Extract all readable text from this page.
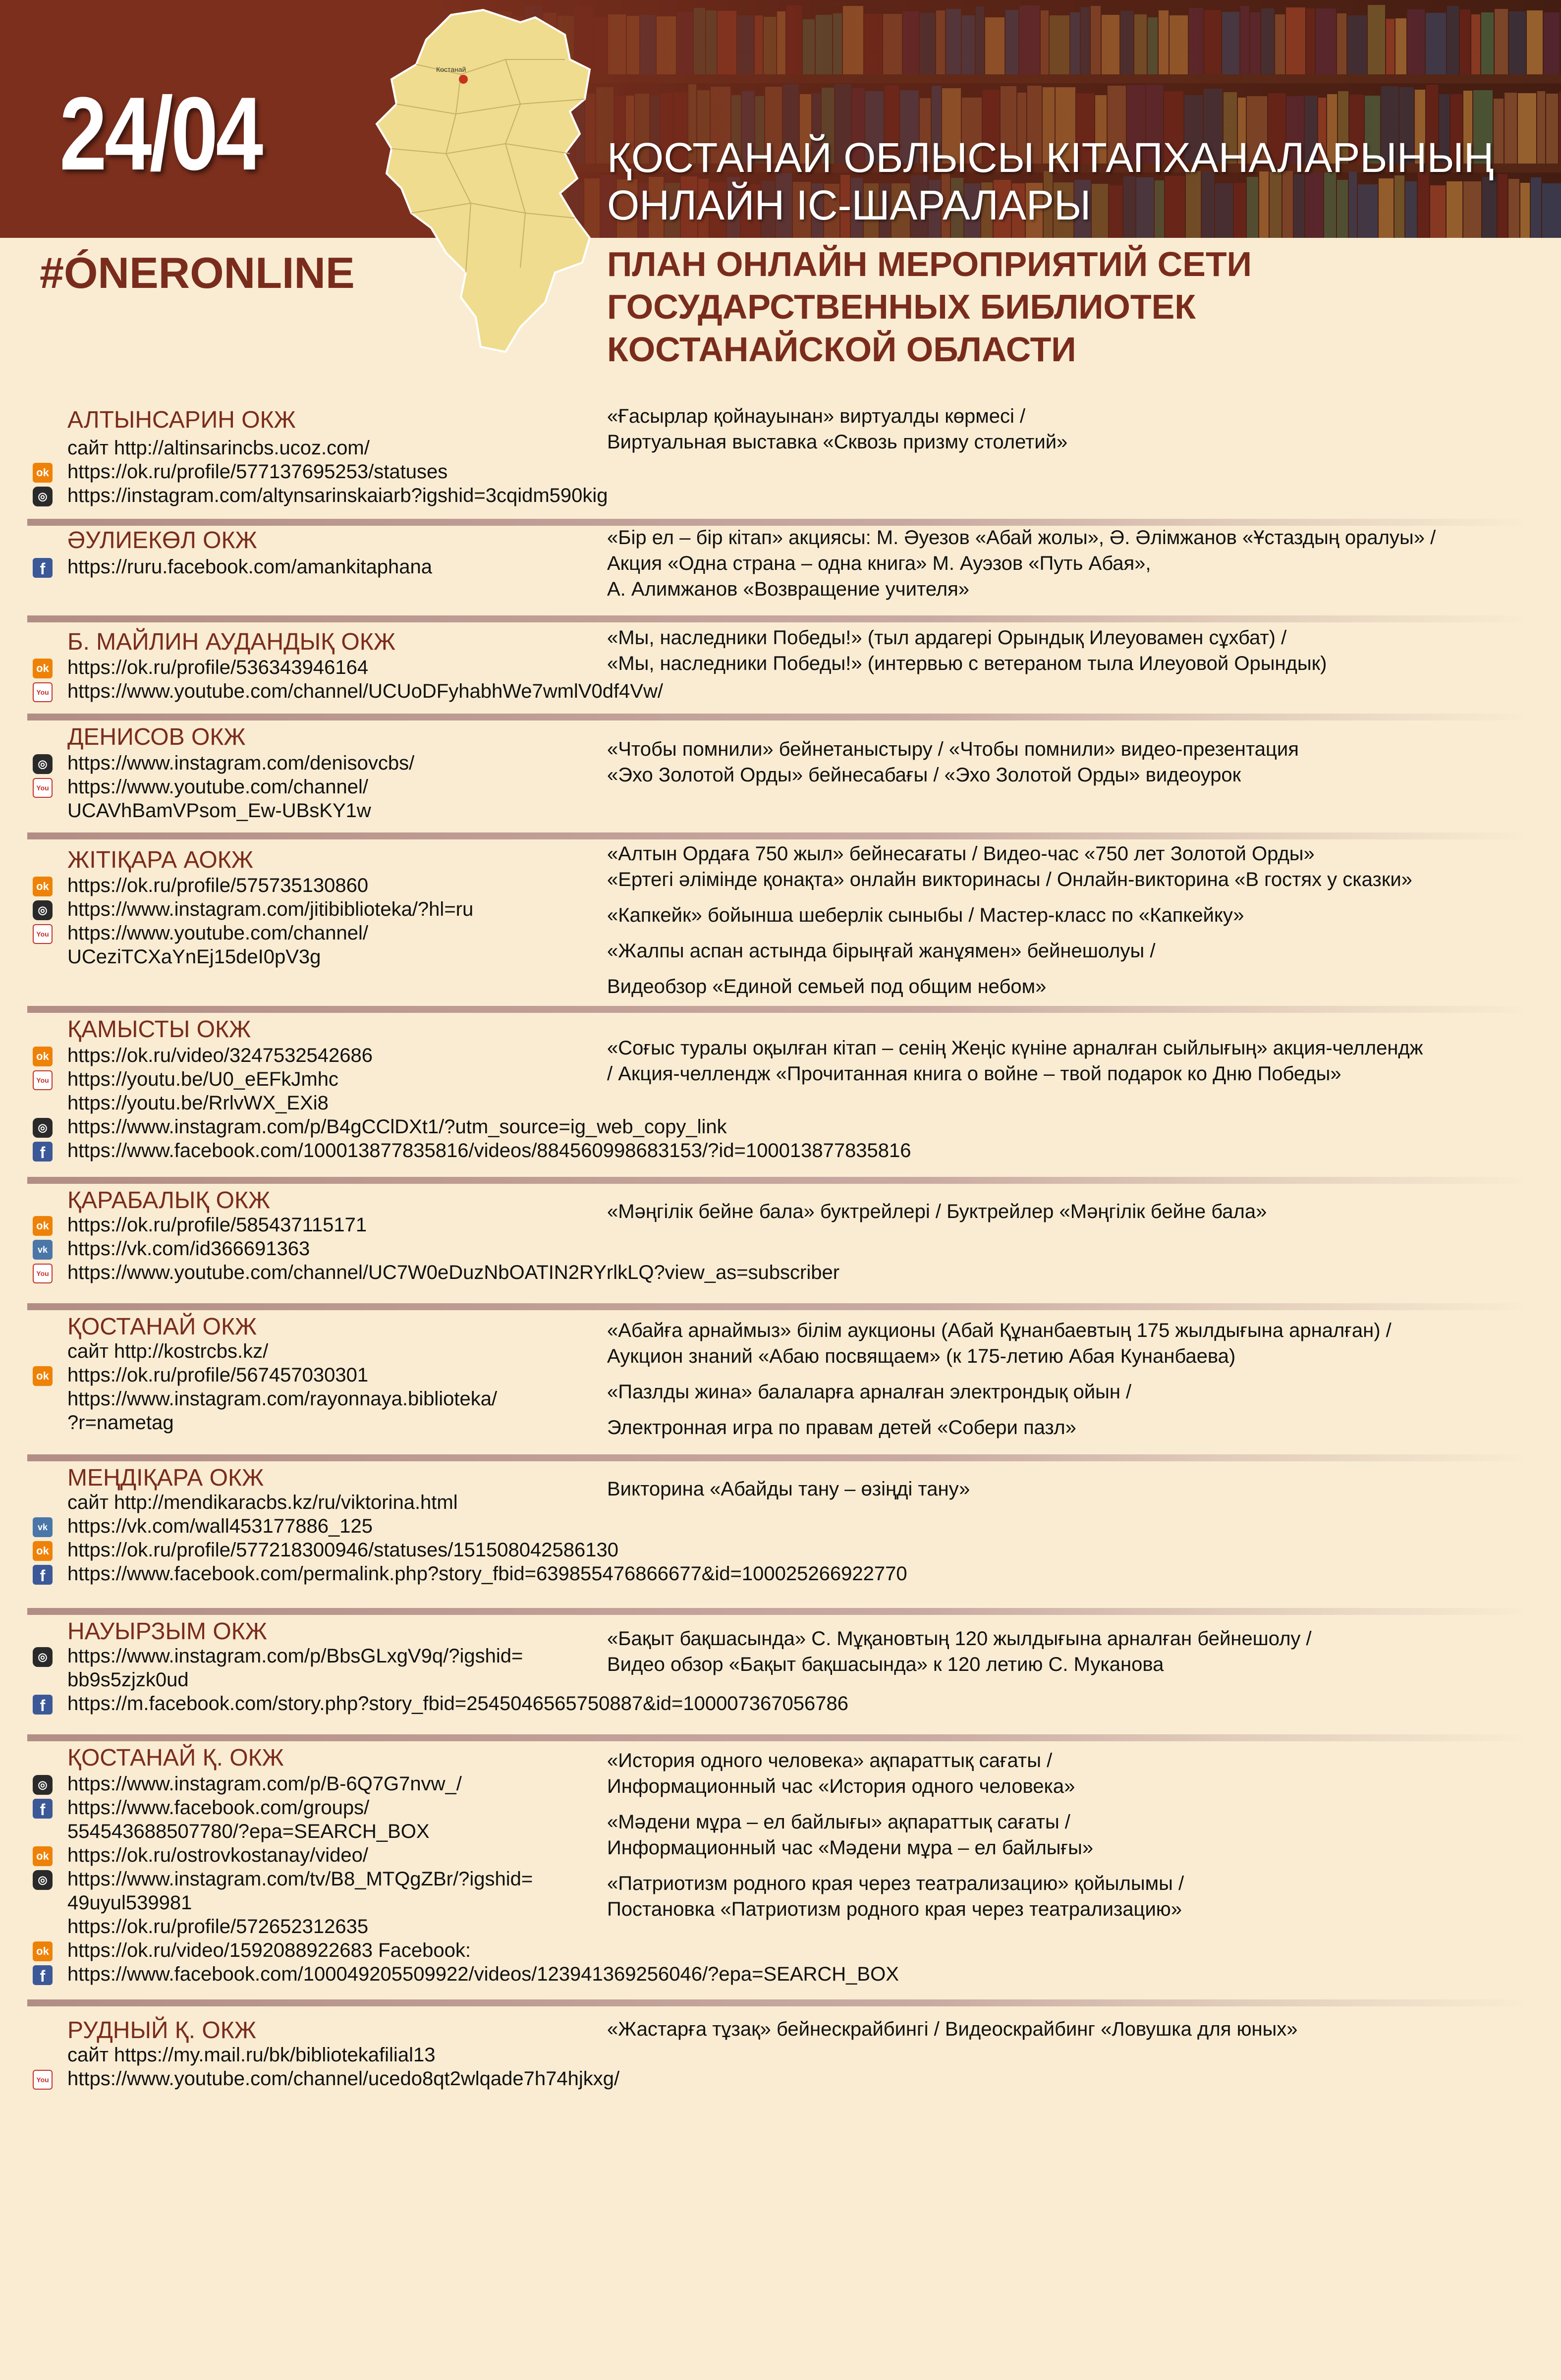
24/04	ҚОСТАНАЙ ОБЛЫСЫ КІТАПХАНАЛАРЫНЫҢ
ОНЛАЙН ІС-ШАРАЛАРЫ
Костанай
#ÓNERONLINE	ПЛАН ОНЛАЙН МЕРОПРИЯТИЙ СЕТИ
ГОСУДАРСТВЕННЫХ БИБЛИОТЕК
КОСТАНАЙСКОЙ ОБЛАСТИ
АЛТЫНСАРИН ОКЖ
сайт http://altinsarincbs.ucoz.com/
ok https://ok.ru/profile/577137695253/statuses
◎ https://instagram.com/altynsarinskaiarb?igshid=3cqidm590kig
«Ғасырлар қойнауынан» виртуалды көрмесі /
Виртуальная выставка «Сквозь призму столетий»
ӘУЛИЕКӨЛ ОКЖ
f	https://ruru.facebook.com/amankitaphana
«Бір ел – бір кітап» акциясы: М. Әуезов «Абай жолы», Ә. Әлімжанов «Ұстаздың оралуы» /
Акция «Одна страна – одна книга» М. Ауэзов «Путь Абая»,
А. Алимжанов «Возвращение учителя»
Б. МАЙЛИН АУДАНДЫҚ ОКЖ
ok https://ok.ru/profile/536343946164
You https://www.youtube.com/channel/UCUoDFyhabhWe7wmlV0df4Vw/
«Мы, наследники Победы!» (тыл ардагері Орындық Илеуовамен сұхбат) /
«Мы, наследники Победы!» (интервью с ветераном тыла Илеуовой Орындык)
ДЕНИСОВ ОКЖ
◎ https://www.instagram.com/denisovcbs/
You https://www.youtube.com/channel/
UCAVhBamVPsom_Ew-UBsKY1w
«Чтобы помнили» бейнетаныстыру / «Чтобы помнили» видео-презентация
«Эхо Золотой Орды» бейнесабағы / «Эхо Золотой Орды» видеоурок
ЖІТІҚАРА АОКЖ
ok https://ok.ru/profile/575735130860
◎ https://www.instagram.com/jitibiblioteka/?hl=ru
You https://www.youtube.com/channel/
UCeziTCXaYnEj15deI0pV3g
«Алтын Ордаға 750 жыл» бейнесағаты / Видео-час «750 лет Золотой Орды»
«Ертегі әлімінде қонақта» онлайн викторинасы / Онлайн-викторина «В гостях у сказки»
«Капкейк» бойынша шеберлік сыныбы / Мастер-класс по «Капкейку»
«Жалпы аспан астында бірыңғай жанұямен» бейнешолуы /
Видеобзор «Единой семьей под общим небом»
ҚАМЫСТЫ ОКЖ
ok https://ok.ru/video/3247532542686
You https://youtu.be/U0_eEFkJmhc
https://youtu.be/RrlvWX_EXi8
◎ https://www.instagram.com/p/B4gCClDXt1/?utm_source=ig_web_copy_link
f	https://www.facebook.com/100013877835816/videos/884560998683153/?id=100013877835816
«Соғыс туралы оқылған кітап – сенің Жеңіс күніне арналған сыйлығың» акция-челлендж
/ Акция-челлендж «Прочитанная книга о войне – твой подарок ко Дню Победы»
ҚАРАБАЛЫҚ ОКЖ
ok https://ok.ru/profile/585437115171
vk https://vk.com/id366691363
You https://www.youtube.com/channel/UC7W0eDuzNbOATIN2RYrlkLQ?view_as=subscriber
«Мәңгілік бейне бала» буктрейлері / Буктрейлер «Мәңгілік бейне бала»
ҚОСТАНАЙ ОКЖ
сайт http://kostrcbs.kz/
ok https://ok.ru/profile/567457030301
https://www.instagram.com/rayonnaya.biblioteka/
?r=nametag
«Абайға арнаймыз» білім аукционы (Абай Құнанбаевтың 175 жылдығына арналған) /
Аукцион знаний «Абаю посвящаем» (к 175-летию Абая Кунанбаева)
«Пазлды жина» балаларға арналған электрондық ойын /
Электронная игра по правам детей «Собери пазл»
МЕҢДІҚАРА ОКЖ
сайт http://mendikaracbs.kz/ru/viktorina.html
vk https://vk.com/wall453177886_125
ok https://ok.ru/profile/577218300946/statuses/151508042586130
f	https://www.facebook.com/permalink.php?story_fbid=639855476866677&id=100025266922770
Викторина «Абайды тану – өзіңді тану»
НАУЫРЗЫМ ОКЖ
◎ https://www.instagram.com/p/BbsGLxgV9q/?igshid=
bb9s5zjzk0ud
f	https://m.facebook.com/story.php?story_fbid=2545046565750887&id=100007367056786
«Бақыт бақшасында» С. Мұқановтың 120 жылдығына арналған бейнешолу /
Видео обзор «Бақыт бақшасында» к 120 летию С. Муканова
ҚОСТАНАЙ Қ. ОКЖ
◎ https://www.instagram.com/p/B-6Q7G7nvw_/
f	https://www.facebook.com/groups/
554543688507780/?epa=SEARCH_BOX
ok https://ok.ru/ostrovkostanay/video/
◎ https://www.instagram.com/tv/B8_MTQgZBr/?igshid=
49uyul539981
https://ok.ru/profile/572652312635
ok https://ok.ru/video/1592088922683 Facebook:
f	https://www.facebook.com/100049205509922/videos/123941369256046/?epa=SEARCH_BOX
«История одного человека» ақпараттық сағаты /
Информационный час «История одного человека»
«Мәдени мұра – ел байлығы» ақпараттық сағаты /
Информационный час «Мәдени мұра – ел байлығы»
«Патриотизм родного края через театрализацию» қойылымы /
Постановка «Патриотизм родного края через театрализацию»
РУДНЫЙ Қ. ОКЖ
сайт https://my.mail.ru/bk/bibliotekafilial13
You https://www.youtube.com/channel/ucedo8qt2wlqade7h74hjkxg/
«Жастарға тұзақ» бейнескрайбингі / Видеоскрайбинг «Ловушка для юных»
